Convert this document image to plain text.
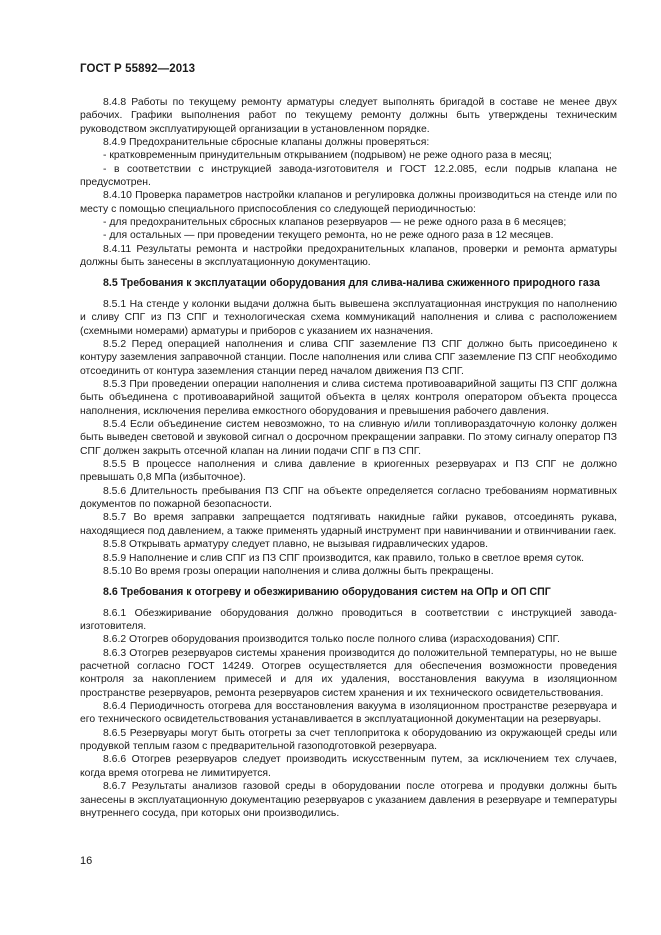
ГОСТ Р 55892—2013

8.4.8 Работы по текущему ремонту арматуры следует выполнять бригадой в составе не менее двух рабочих. Графики выполнения работ по текущему ремонту должны быть утверждены техническим руководством эксплуатирующей организации в установленном порядке.

8.4.9 Предохранительные сбросные клапаны должны проверяться:

- кратковременным принудительным открыванием (подрывом) не реже одного раза в месяц;

- в соответствии с инструкцией завода-изготовителя и ГОСТ 12.2.085, если подрыв клапана не предусмотрен.

8.4.10 Проверка параметров настройки клапанов и регулировка должны производиться на стенде или по месту с помощью специального приспособления со следующей периодичностью:

- для предохранительных сбросных клапанов резервуаров — не реже одного раза в 6 месяцев;

- для остальных — при проведении текущего ремонта, но не реже одного раза в 12 месяцев.

8.4.11 Результаты ремонта и настройки предохранительных клапанов, проверки и ремонта арматуры должны быть занесены в эксплуатационную документацию.

8.5 Требования к эксплуатации оборудования для слива-налива сжиженного природного газа

8.5.1 На стенде у колонки выдачи должна быть вывешена эксплуатационная инструкция по наполнению и сливу СПГ из ПЗ СПГ и технологическая схема коммуникаций наполнения и слива с расположением (схемными номерами) арматуры и приборов с указанием их назначения.

8.5.2 Перед операцией наполнения и слива СПГ заземление ПЗ СПГ должно быть присоединено к контуру заземления заправочной станции. После наполнения или слива СПГ заземление ПЗ СПГ необходимо отсоединить от контура заземления станции перед началом движения ПЗ СПГ.

8.5.3 При проведении операции наполнения и слива система противоаварийной защиты ПЗ СПГ должна быть объединена с противоаварийной защитой объекта в целях контроля оператором объекта процесса наполнения, исключения перелива емкостного оборудования и превышения рабочего давления.

8.5.4 Если объединение систем невозможно, то на сливную и/или топливораздаточную колонку должен быть выведен световой и звуковой сигнал о досрочном прекращении заправки. По этому сигналу оператор ПЗ СПГ должен закрыть отсечной клапан на линии подачи СПГ в ПЗ СПГ.

8.5.5 В процессе наполнения и слива давление в криогенных резервуарах и ПЗ СПГ не должно превышать 0,8 МПа (избыточное).

8.5.6 Длительность пребывания ПЗ СПГ на объекте определяется согласно требованиям нормативных документов по пожарной безопасности.

8.5.7 Во время заправки запрещается подтягивать накидные гайки рукавов, отсоединять рукава, находящиеся под давлением, а также применять ударный инструмент при навинчивании и отвинчивании гаек.

8.5.8 Открывать арматуру следует плавно, не вызывая гидравлических ударов.

8.5.9 Наполнение и слив СПГ из ПЗ СПГ производится, как правило, только в светлое время суток.

8.5.10 Во время грозы операции наполнения и слива должны быть прекращены.

8.6 Требования к отогреву и обезжириванию оборудования систем на ОПр и ОП СПГ

8.6.1 Обезжиривание оборудования должно проводиться в соответствии с инструкцией завода-изготовителя.

8.6.2 Отогрев оборудования производится только после полного слива (израсходования) СПГ.

8.6.3 Отогрев резервуаров системы хранения производится до положительной температуры, но не выше расчетной согласно ГОСТ 14249. Отогрев осуществляется для обеспечения возможности проведения контроля за накоплением примесей и для их удаления, восстановления вакуума в изоляционном пространстве резервуаров, ремонта резервуаров систем хранения и их технического освидетельствования.

8.6.4 Периодичность отогрева для восстановления вакуума в изоляционном пространстве резервуара и его технического освидетельствования устанавливается в эксплуатационной документации на резервуары.

8.6.5 Резервуары могут быть отогреты за счет теплопритока к оборудованию из окружающей среды или продувкой теплым газом с предварительной газоподготовкой резервуара.

8.6.6 Отогрев резервуаров следует производить искусственным путем, за исключением тех случаев, когда время отогрева не лимитируется.

8.6.7 Результаты анализов газовой среды в оборудовании после отогрева и продувки должны быть занесены в эксплуатационную документацию резервуаров с указанием давления в резервуаре и температуры внутреннего сосуда, при которых они производились.

16
